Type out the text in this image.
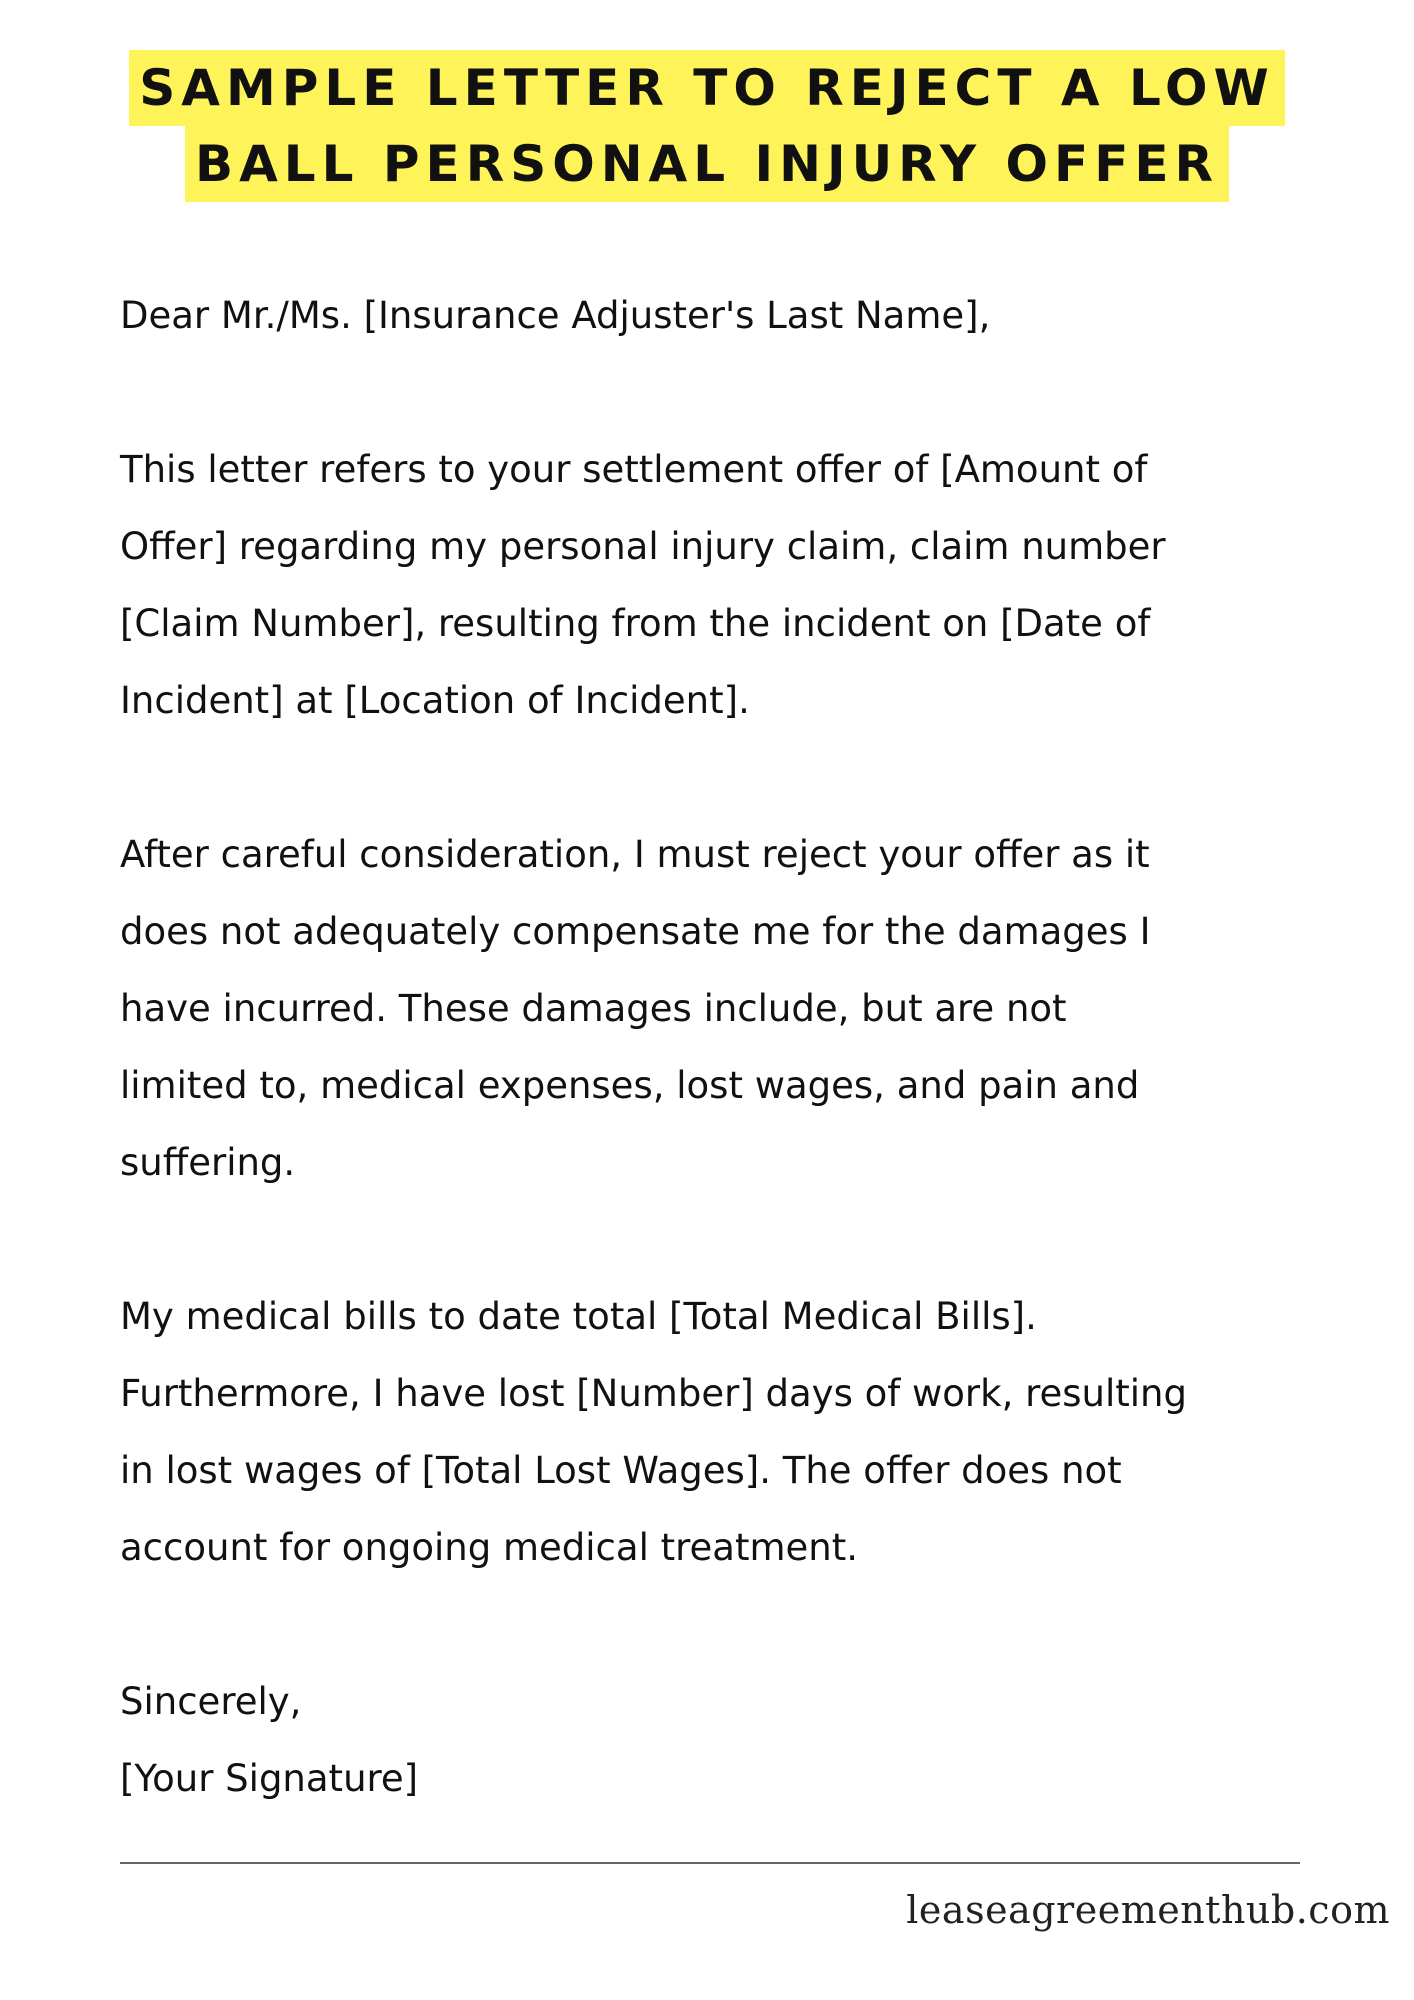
SAMPLE LETTER TO REJECT A LOW
BALL PERSONAL INJURY OFFER

Dear Mr./Ms. [Insurance Adjuster's Last Name],

This letter refers to your settlement offer of [Amount of

Offer] regarding my personal injury claim, claim number

[Claim Number], resulting from the incident on [Date of

Incident] at [Location of Incident].

After careful consideration, I must reject your offer as it

does not adequately compensate me for the damages I

have incurred. These damages include, but are not

limited to, medical expenses, lost wages, and pain and

suffering.

My medical bills to date total [Total Medical Bills].

Furthermore, I have lost [Number] days of work, resulting

in lost wages of [Total Lost Wages]. The offer does not

account for ongoing medical treatment.

Sincerely,

[Your Signature]

leaseagreementhub.com
